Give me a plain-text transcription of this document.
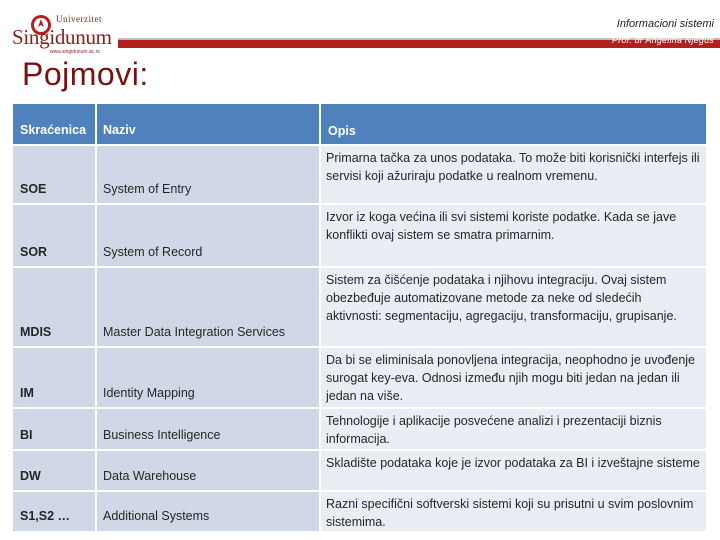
Univerzitet
Singidunum
www.singidunum.ac.rs
Informacioni sistemi
Prof. dr Angelina Njeguš
Pojmovi:
Skraćenica	Naziv	Opis
SOE	System of Entry
Primarna tačka za unos podataka. To može biti korisnički interfejs ili servisi koji ažuriraju podatke u realnom vremenu.
SOR	System of Record
Izvor iz koga većina ili svi sistemi koriste podatke. Kada se jave konflikti ovaj sistem se smatra primarnim.
MDIS	Master Data Integration Services
Sistem za čišćenje podataka i njihovu integraciju. Ovaj sistem obezbeđuje automatizovane metode za neke od sledećih aktivnosti: segmentaciju, agregaciju, transformaciju, grupisanje.
IM	Identity Mapping
Da bi se eliminisala ponovljena integracija, neophodno je uvođenje surogat key-eva. Odnosi između njih mogu biti jedan na jedan ili jedan na više.
BI	Business Intelligence
Tehnologije i aplikacije posvećene analizi i prezentaciji biznis informacija.
DW	Data Warehouse
Skladište podataka koje je izvor podataka za BI i izveštajne sisteme
S1,S2 …	Additional Systems
Razni specifični softverski sistemi koji su prisutni u svim poslovnim sistemima.
